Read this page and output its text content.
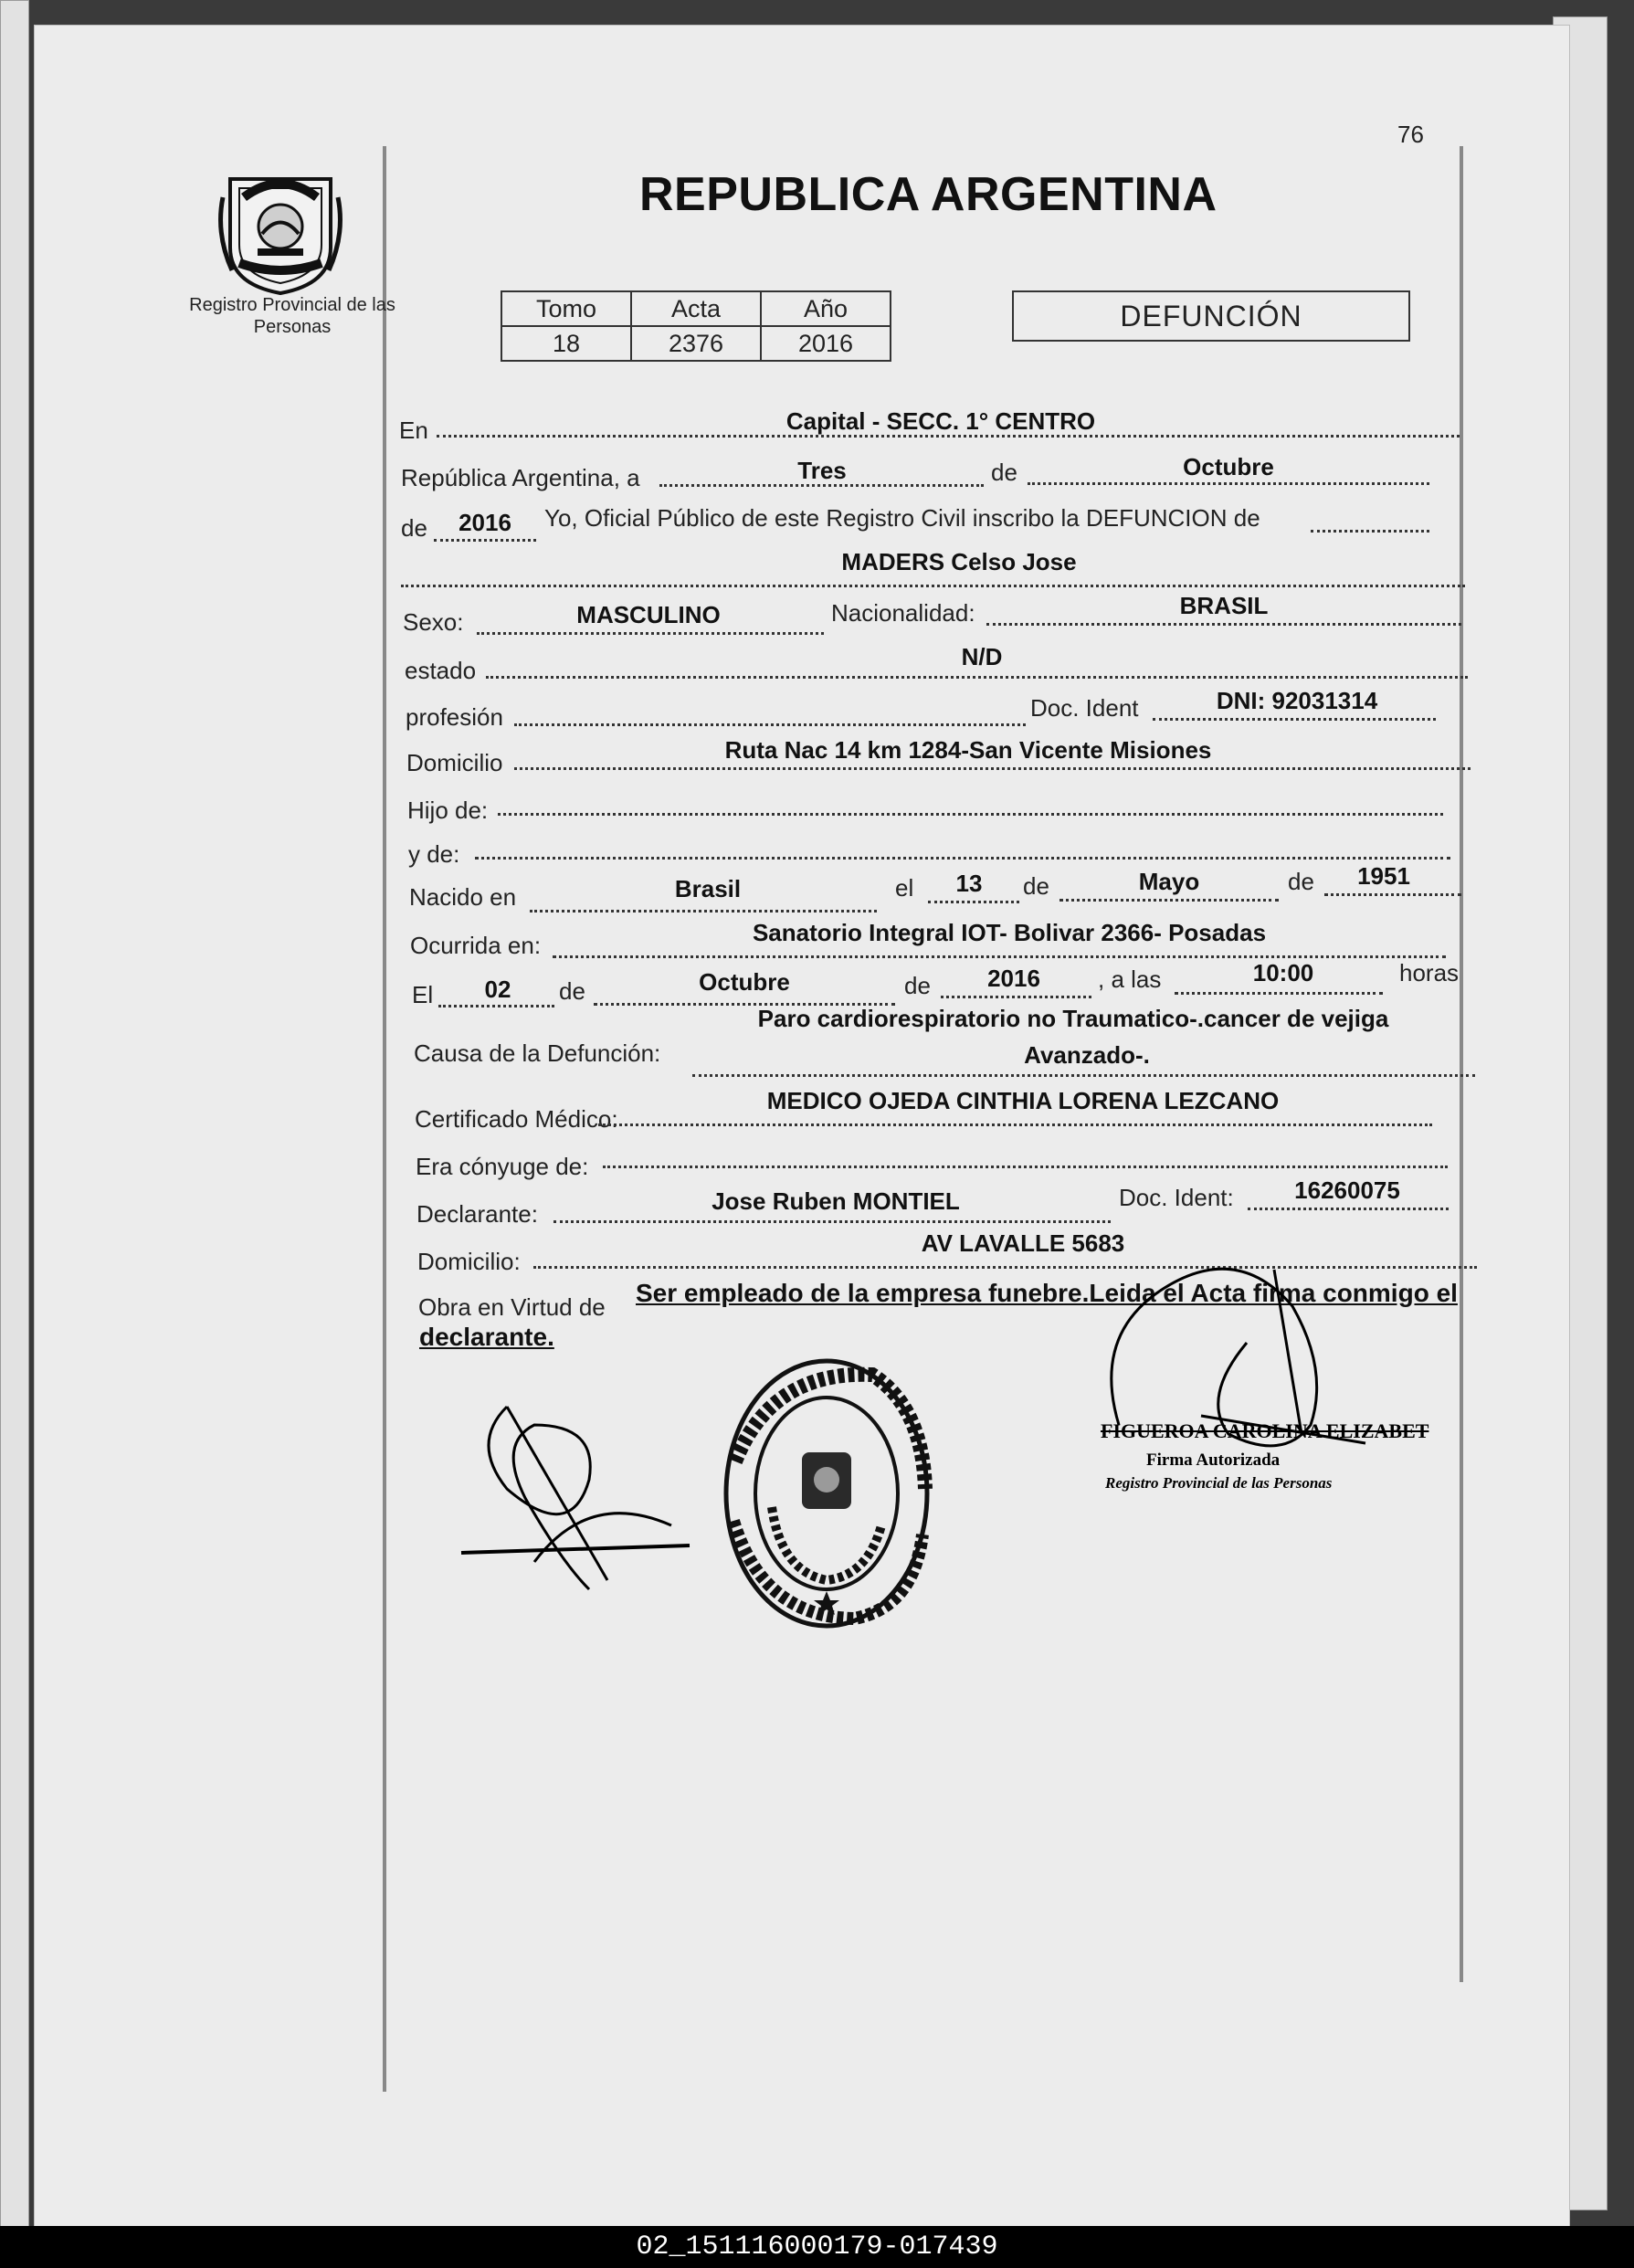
76
Registro Provincial de las Personas
REPUBLICA ARGENTINA
Tomo	Acta	Año
18	2376	2016
DEFUNCIÓN
En	Capital - SECC. 1° CENTRO
República Argentina, a	Tres	de	Octubre
de	2016	Yo, Oficial Público de este Registro Civil inscribo la DEFUNCION de
MADERS Celso Jose
Sexo:	MASCULINO	Nacionalidad:	BRASIL
estado	N/D
profesión	Doc. Ident	DNI: 92031314
Domicilio	Ruta Nac 14 km 1284-San Vicente Misiones
Hijo de:
y de:
Nacido en	Brasil	el	13	de	Mayo	de	1951
Ocurrida en:	Sanatorio Integral IOT- Bolivar 2366- Posadas
El	02	de	Octubre	de	2016	, a las	10:00	horas
Paro cardiorespiratorio no Traumatico-.cancer de vejiga
Causa de la Defunción:	Avanzado-.
Certificado Médico:
MEDICO OJEDA CINTHIA LORENA LEZCANO
Era cónyuge de:
Declarante:	Jose Ruben MONTIEL	Doc. Ident:	16260075
Domicilio:
AV LAVALLE 5683
Obra en Virtud de Ser empleado de la empresa funebre.Leida el Acta firma conmigo el
declarante.
FIGUEROA CAROLINA ELIZABET
Firma Autorizada
Registro Provincial de las Personas
02_151116000179-017439
